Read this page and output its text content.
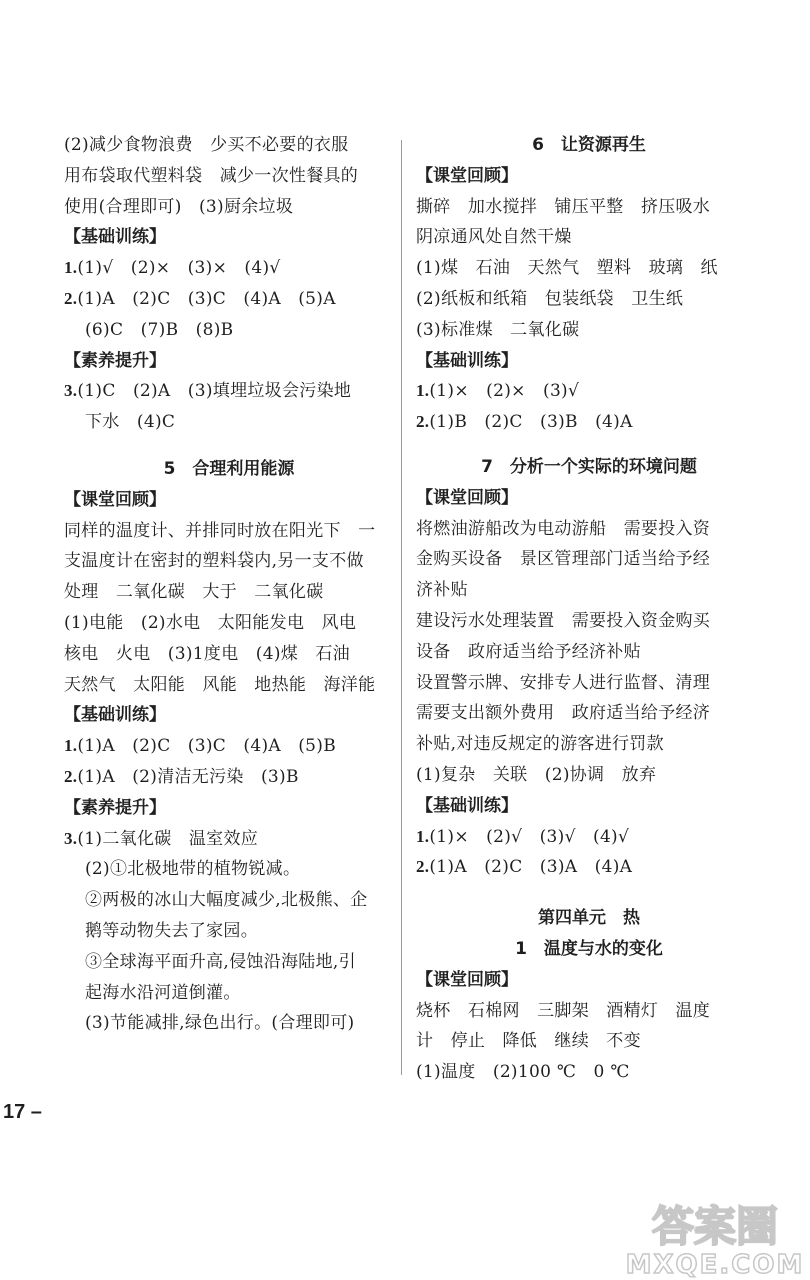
(2)减少食物浪费　少买不必要的衣服
用布袋取代塑料袋　减少一次性餐具的
使用(合理即可)　(3)厨余垃圾
【基础训练】
1.(1)√　(2)×　(3)×　(4)√
2.(1)A　(2)C　(3)C　(4)A　(5)A
(6)C　(7)B　(8)B
【素养提升】
3.(1)C　(2)A　(3)填埋垃圾会污染地
下水　(4)C
5　合理利用能源
【课堂回顾】
同样的温度计、并排同时放在阳光下　一
支温度计在密封的塑料袋内,另一支不做
处理　二氧化碳　大于　二氧化碳
(1)电能　(2)水电　太阳能发电　风电
核电　火电　(3)1度电　(4)煤　石油
天然气　太阳能　风能　地热能　海洋能
【基础训练】
1.(1)A　(2)C　(3)C　(4)A　(5)B
2.(1)A　(2)清洁无污染　(3)B
【素养提升】
3.(1)二氧化碳　温室效应
(2)①北极地带的植物锐减。
②两极的冰山大幅度减少,北极熊、企
鹅等动物失去了家园。
③全球海平面升高,侵蚀沿海陆地,引
起海水沿河道倒灌。
(3)节能减排,绿色出行。(合理即可)
6　让资源再生
【课堂回顾】
撕碎　加水搅拌　铺压平整　挤压吸水
阴凉通风处自然干燥
(1)煤　石油　天然气　塑料　玻璃　纸
(2)纸板和纸箱　包装纸袋　卫生纸
(3)标准煤　二氧化碳
【基础训练】
1.(1)×　(2)×　(3)√
2.(1)B　(2)C　(3)B　(4)A
7　分析一个实际的环境问题
【课堂回顾】
将燃油游船改为电动游船　需要投入资
金购买设备　景区管理部门适当给予经
济补贴
建设污水处理装置　需要投入资金购买
设备　政府适当给予经济补贴
设置警示牌、安排专人进行监督、清理
需要支出额外费用　政府适当给予经济
补贴,对违反规定的游客进行罚款
(1)复杂　关联　(2)协调　放弃
【基础训练】
1.(1)×　(2)√　(3)√　(4)√
2.(1)A　(2)C　(3)A　(4)A
第四单元　热
1　温度与水的变化
【课堂回顾】
烧杯　石棉网　三脚架　酒精灯　温度
计　停止　降低　继续　不变
(1)温度　(2)100 ℃　0 ℃
17 –
答案圈
MXQE.COM
